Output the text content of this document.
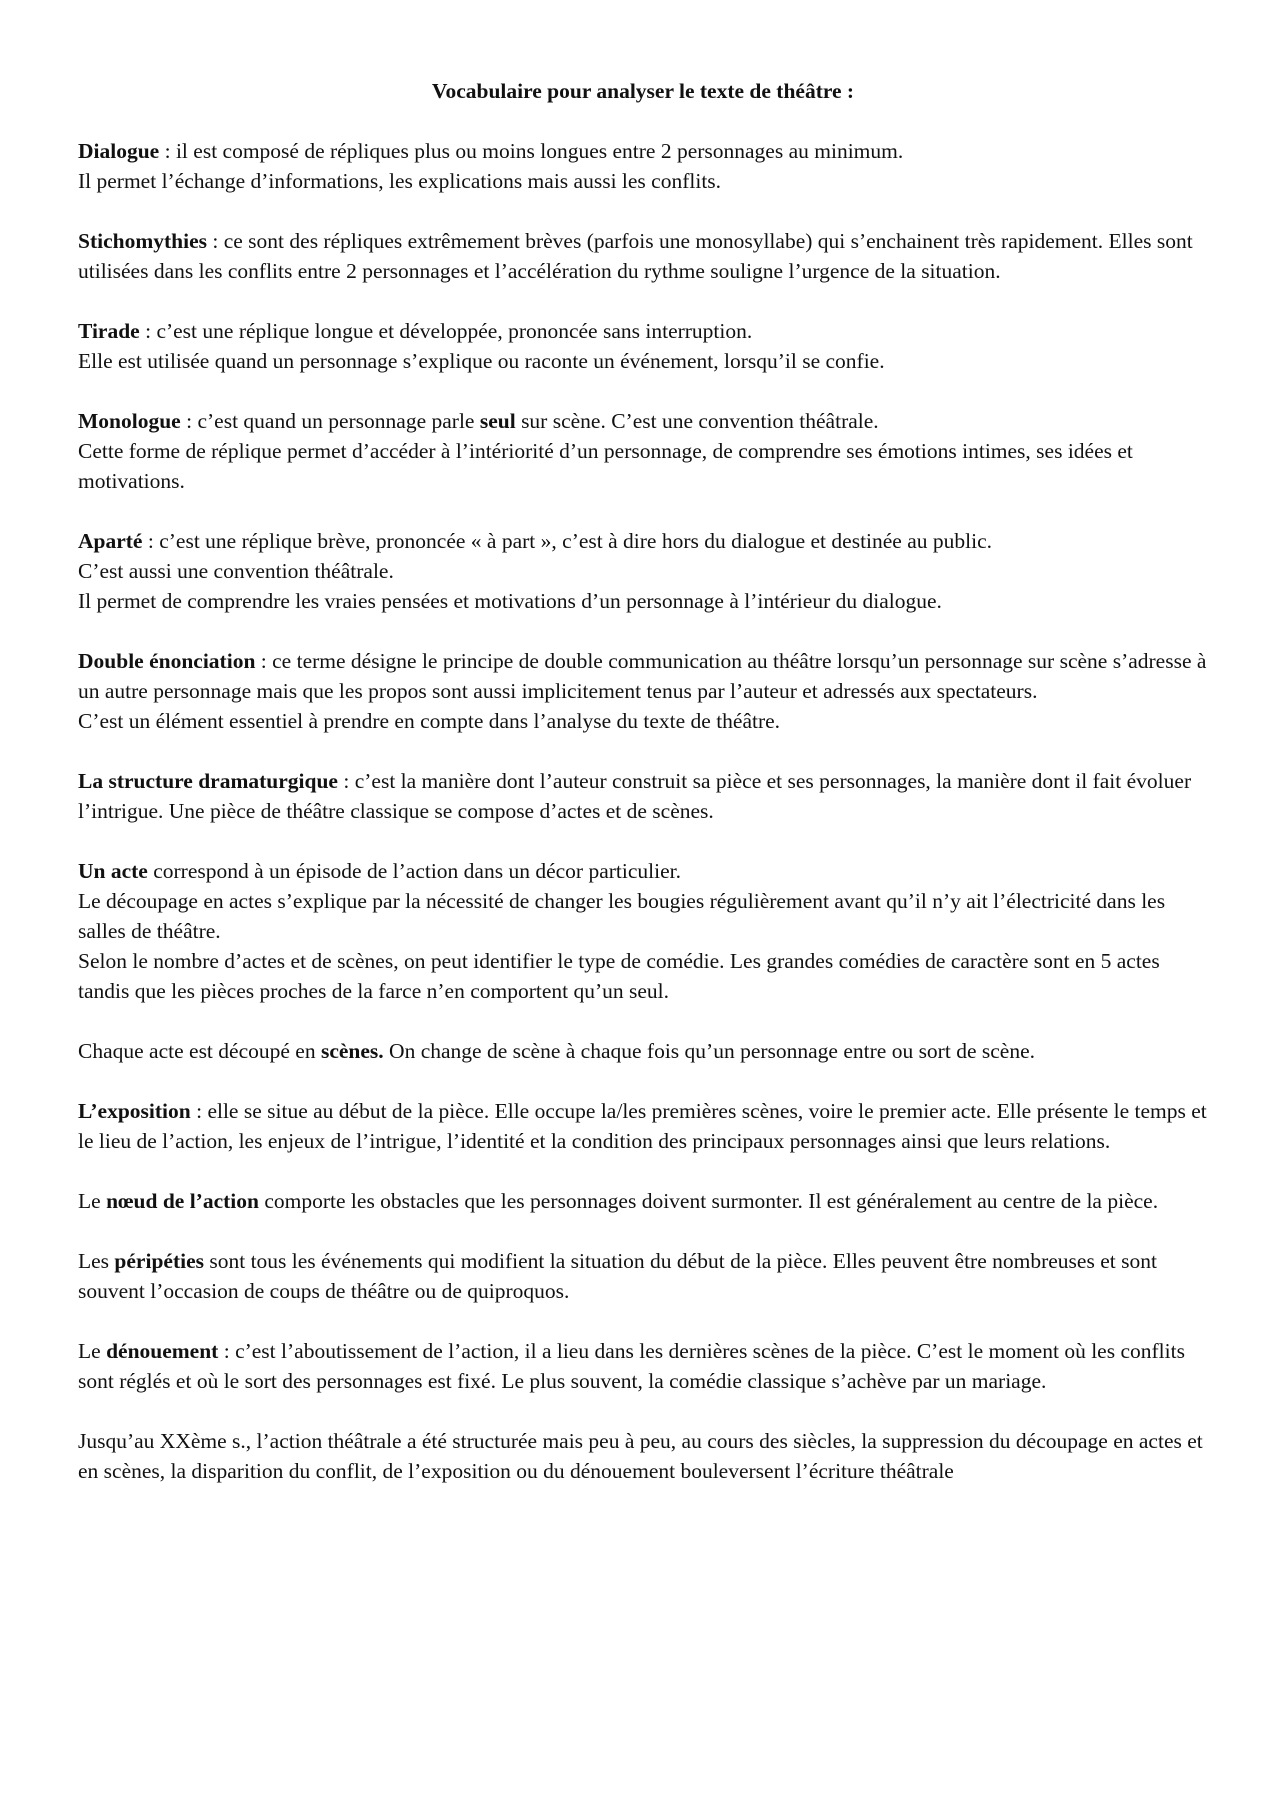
Vocabulaire pour analyser le texte de théâtre :
Dialogue : il est composé de répliques plus ou moins longues entre 2 personnages au minimum.
Il permet l’échange d’informations, les explications mais aussi les conflits.
Stichomythies : ce sont des répliques extrêmement brèves (parfois une monosyllabe) qui s’enchainent très rapidement. Elles sont utilisées dans les conflits entre 2 personnages et l’accélération du rythme souligne l’urgence de la situation.
Tirade : c’est une réplique longue et développée, prononcée sans interruption.
Elle est utilisée quand un personnage s’explique ou raconte un événement, lorsqu’il se confie.
Monologue : c’est quand un personnage parle seul sur scène. C’est une convention théâtrale.
Cette forme de réplique permet d’accéder à l’intériorité d’un personnage, de comprendre ses émotions intimes, ses idées et motivations.
Aparté : c’est une réplique brève, prononcée « à part », c’est à dire hors du dialogue et destinée au public.
C’est aussi une convention théâtrale.
Il permet de comprendre les vraies pensées et motivations d’un personnage à l’intérieur du dialogue.
Double énonciation : ce terme désigne le principe de double communication au théâtre lorsqu’un personnage sur scène s’adresse à un autre personnage mais que les propos sont aussi implicitement tenus par l’auteur et adressés aux spectateurs.
C’est un élément essentiel à prendre en compte dans l’analyse du texte de théâtre.
La structure dramaturgique : c’est la manière dont l’auteur construit sa pièce et ses personnages, la manière dont il fait évoluer l’intrigue. Une pièce de théâtre classique se compose d’actes et de scènes.
Un acte correspond à un épisode de l’action dans un décor particulier.
Le découpage en actes s’explique par la nécessité de changer les bougies régulièrement avant qu’il n’y ait l’électricité dans les salles de théâtre.
Selon le nombre d’actes et de scènes, on peut identifier le type de comédie. Les grandes comédies de caractère sont en 5 actes tandis que les pièces proches de la farce n’en comportent qu’un seul.
Chaque acte est découpé en scènes. On change de scène à chaque fois qu’un personnage entre ou sort de scène.
L’exposition : elle se situe au début de la pièce. Elle occupe la/les premières scènes, voire le premier acte. Elle présente le temps et le lieu de l’action, les enjeux de l’intrigue, l’identité et la condition des principaux personnages ainsi que leurs relations.
Le nœud de l’action comporte les obstacles que les personnages doivent surmonter. Il est généralement au centre de la pièce.
Les péripéties sont tous les événements qui modifient la situation du début de la pièce. Elles peuvent être nombreuses et sont souvent l’occasion de coups de théâtre ou de quiproquos.
Le dénouement : c’est l’aboutissement de l’action, il a lieu dans les dernières scènes de la pièce. C’est le moment où les conflits sont réglés et où le sort des personnages est fixé. Le plus souvent, la comédie classique s’achève par un mariage.
Jusqu’au XXème s., l’action théâtrale a été structurée mais peu à peu, au cours des siècles, la suppression du découpage en actes et en scènes, la disparition du conflit, de l’exposition ou du dénouement bouleversent l’écriture théâtrale
